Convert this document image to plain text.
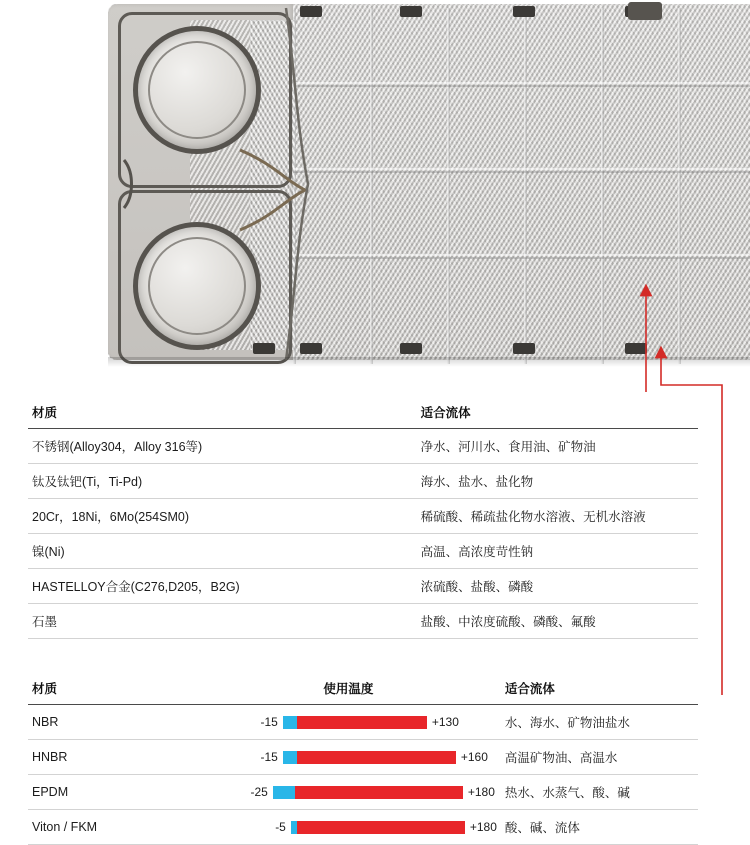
材质	适合流体
不锈钢(Alloy304，Alloy 316等)	净水、河川水、食用油、矿物油
钛及钛钯(Ti，Ti-Pd)	海水、盐水、盐化物
20Cr，18Ni，6Mo(254SM0)	稀硫酸、稀疏盐化物水溶液、无机水溶液
镍(Ni)	高温、高浓度苛性钠
HASTELLOY合金(C276,D205，B2G)	浓硫酸、盐酸、磷酸
石墨	盐酸、中浓度硫酸、磷酸、氟酸
材质	使用温度	适合流体
NBR	-15 +130	水、海水、矿物油盐水
HNBR	-15 +160	高温矿物油、高温水
EPDM	-25 +180	热水、水蒸气、酸、碱
Viton / FKM	-5 +180	酸、碱、流体
